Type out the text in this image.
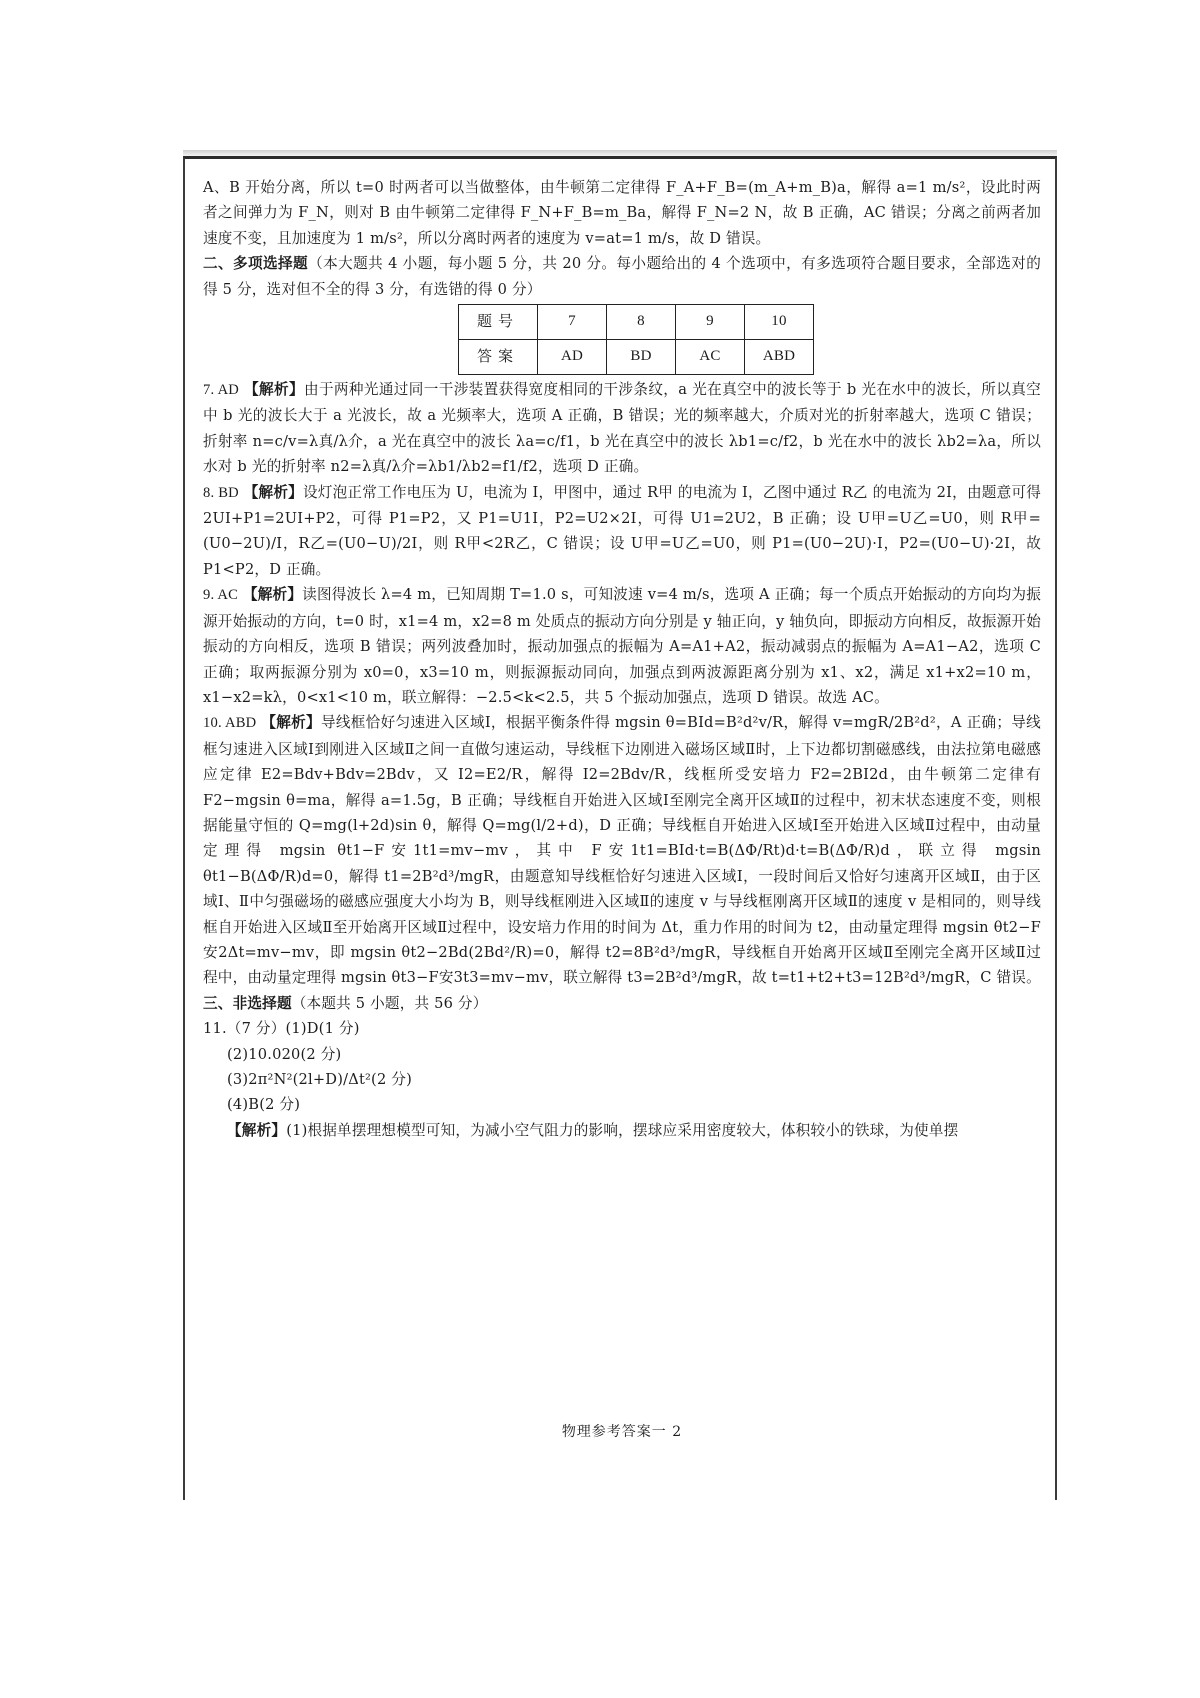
A、B 开始分离，所以 t=0 时两者可以当做整体，由牛顿第二定律得 F_A+F_B=(m_A+m_B)a，解得 a=1 m/s²，设此时两者之间弹力为 F_N，则对 B 由牛顿第二定律得 F_N+F_B=m_Ba，解得 F_N=2 N，故 B 正确，AC 错误；分离之前两者加速度不变，且加速度为 1 m/s²，所以分离时两者的速度为 v=at=1 m/s，故 D 错误。

二、多项选择题（本大题共 4 小题，每小题 5 分，共 20 分。每小题给出的 4 个选项中，有多选项符合题目要求，全部选对的得 5 分，选对但不全的得 3 分，有选错的得 0 分）

题号	7	8	9	10
答案	AD	BD	AC	ABD

7. AD 【解析】由于两种光通过同一干涉装置获得宽度相同的干涉条纹，a 光在真空中的波长等于 b 光在水中的波长，所以真空中 b 光的波长大于 a 光波长，故 a 光频率大，选项 A 正确，B 错误；光的频率越大，介质对光的折射率越大，选项 C 错误；折射率 n=c/v=λ真/λ介，a 光在真空中的波长 λa=c/f1，b 光在真空中的波长 λb1=c/f2，b 光在水中的波长 λb2=λa，所以水对 b 光的折射率 n2=λ真/λ介=λb1/λb2=f1/f2，选项 D 正确。

8. BD 【解析】设灯泡正常工作电压为 U，电流为 I，甲图中，通过 R甲 的电流为 I，乙图中通过 R乙 的电流为 2I，由题意可得 2UI+P1=2UI+P2，可得 P1=P2，又 P1=U1I，P2=U2×2I，可得 U1=2U2，B 正确；设 U甲=U乙=U0，则 R甲=(U0−2U)/I，R乙=(U0−U)/2I，则 R甲<2R乙，C 错误；设 U甲=U乙=U0，则 P1=(U0−2U)·I，P2=(U0−U)·2I，故 P1<P2，D 正确。

9. AC 【解析】读图得波长 λ=4 m，已知周期 T=1.0 s，可知波速 v=4 m/s，选项 A 正确；每一个质点开始振动的方向均为振源开始振动的方向，t=0 时，x1=4 m，x2=8 m 处质点的振动方向分别是 y 轴正向，y 轴负向，即振动方向相反，故振源开始振动的方向相反，选项 B 错误；两列波叠加时，振动加强点的振幅为 A=A1+A2，振动减弱点的振幅为 A=A1−A2，选项 C 正确；取两振源分别为 x0=0，x3=10 m，则振源振动同向，加强点到两波源距离分别为 x1、x2，满足 x1+x2=10 m，x1−x2=kλ，0<x1<10 m，联立解得：−2.5<k<2.5，共 5 个振动加强点，选项 D 错误。故选 AC。

10. ABD 【解析】导线框恰好匀速进入区域Ⅰ，根据平衡条件得 mgsin θ=BId=B²d²v/R，解得 v=mgR/2B²d²，A 正确；导线框匀速进入区域Ⅰ到刚进入区域Ⅱ之间一直做匀速运动，导线框下边刚进入磁场区域Ⅱ时，上下边都切割磁感线，由法拉第电磁感应定律 E2=Bdv+Bdv=2Bdv，又 I2=E2/R，解得 I2=2Bdv/R，线框所受安培力 F2=2BI2d，由牛顿第二定律有 F2−mgsin θ=ma，解得 a=1.5g，B 正确；导线框自开始进入区域Ⅰ至刚完全离开区域Ⅱ的过程中，初末状态速度不变，则根据能量守恒的 Q=mg(l+2d)sin θ，解得 Q=mg(l/2+d)，D 正确；导线框自开始进入区域Ⅰ至开始进入区域Ⅱ过程中，由动量定理得 mgsin θt1−F安1t1=mv−mv，其中 F安1t1=BId·t=B(ΔΦ/Rt)d·t=B(ΔΦ/R)d，联立得 mgsin θt1−B(ΔΦ/R)d=0，解得 t1=2B²d³/mgR，由题意知导线框恰好匀速进入区域Ⅰ，一段时间后又恰好匀速离开区域Ⅱ，由于区域Ⅰ、Ⅱ中匀强磁场的磁感应强度大小均为 B，则导线框刚进入区域Ⅱ的速度 v 与导线框刚离开区域Ⅱ的速度 v 是相同的，则导线框自开始进入区域Ⅱ至开始离开区域Ⅱ过程中，设安培力作用的时间为 Δt，重力作用的时间为 t2，由动量定理得 mgsin θt2−F安2Δt=mv−mv，即 mgsin θt2−2Bd(2Bd²/R)=0，解得 t2=8B²d³/mgR，导线框自开始离开区域Ⅱ至刚完全离开区域Ⅱ过程中，由动量定理得 mgsin θt3−F安3t3=mv−mv，联立解得 t3=2B²d³/mgR，故 t=t1+t2+t3=12B²d³/mgR，C 错误。

三、非选择题（本题共 5 小题，共 56 分）

11.（7 分）(1)D(1 分)

(2)10.020(2 分)

(3)2π²N²(2l+D)/Δt²(2 分)

(4)B(2 分)

【解析】(1)根据单摆理想模型可知，为减小空气阻力的影响，摆球应采用密度较大，体积较小的铁球，为使单摆

物理参考答案一 2
